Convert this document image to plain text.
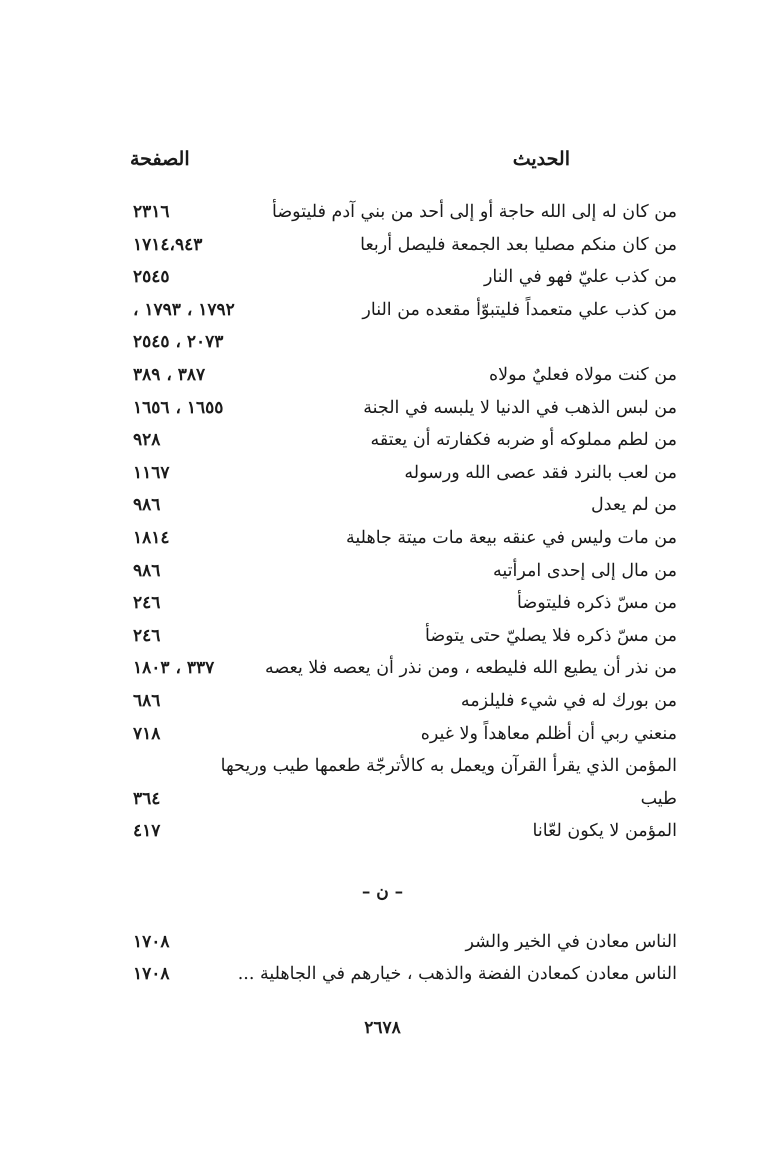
الحديث
الصفحة
من كان له إلى الله حاجة أو إلى أحد من بني آدم فليتوضأ
٢٣١٦
من كان منكم مصليا بعد الجمعة فليصل أربعا
١٧١٤،٩٤٣
من كذب عليّ فهو في النار
٢٥٤٥
من كذب علي متعمداً فليتبوّأ مقعده من النار
١٧٩٢ ، ١٧٩٣ ،
٢٠٧٣ ، ٢٥٤٥
من كنت مولاه فعليٌ مولاه
٣٨٧ ، ٣٨٩
من لبس الذهب في الدنيا لا يلبسه في الجنة
١٦٥٥ ، ١٦٥٦
من لطم مملوكه أو ضربه فكفارته أن يعتقه
٩٢٨
من لعب بالنرد فقد عصى الله ورسوله
١١٦٧
من لم يعدل
٩٨٦
من مات وليس في عنقه بيعة مات ميتة جاهلية
١٨١٤
من مال إلى إحدى امرأتيه
٩٨٦
من مسّ ذكره فليتوضأ
٢٤٦
من مسّ ذكره فلا يصليّ حتى يتوضأ
٢٤٦
من نذر أن يطيع الله فليطعه ، ومن نذر أن يعصه فلا يعصه
٣٣٧ ، ١٨٠٣
من بورك له في شيء فليلزمه
٦٨٦
منعني ربي أن أظلم معاهداً ولا غيره
٧١٨
المؤمن الذي يقرأ القرآن ويعمل به كالأترجّة طعمها طيب وريحها
طيب
٣٦٤
المؤمن لا يكون لعّانا
٤١٧
– ن –
الناس معادن في الخير والشر
١٧٠٨
الناس معادن كمعادن الفضة والذهب ، خيارهم في الجاهلية ...
١٧٠٨
٢٦٧٨
